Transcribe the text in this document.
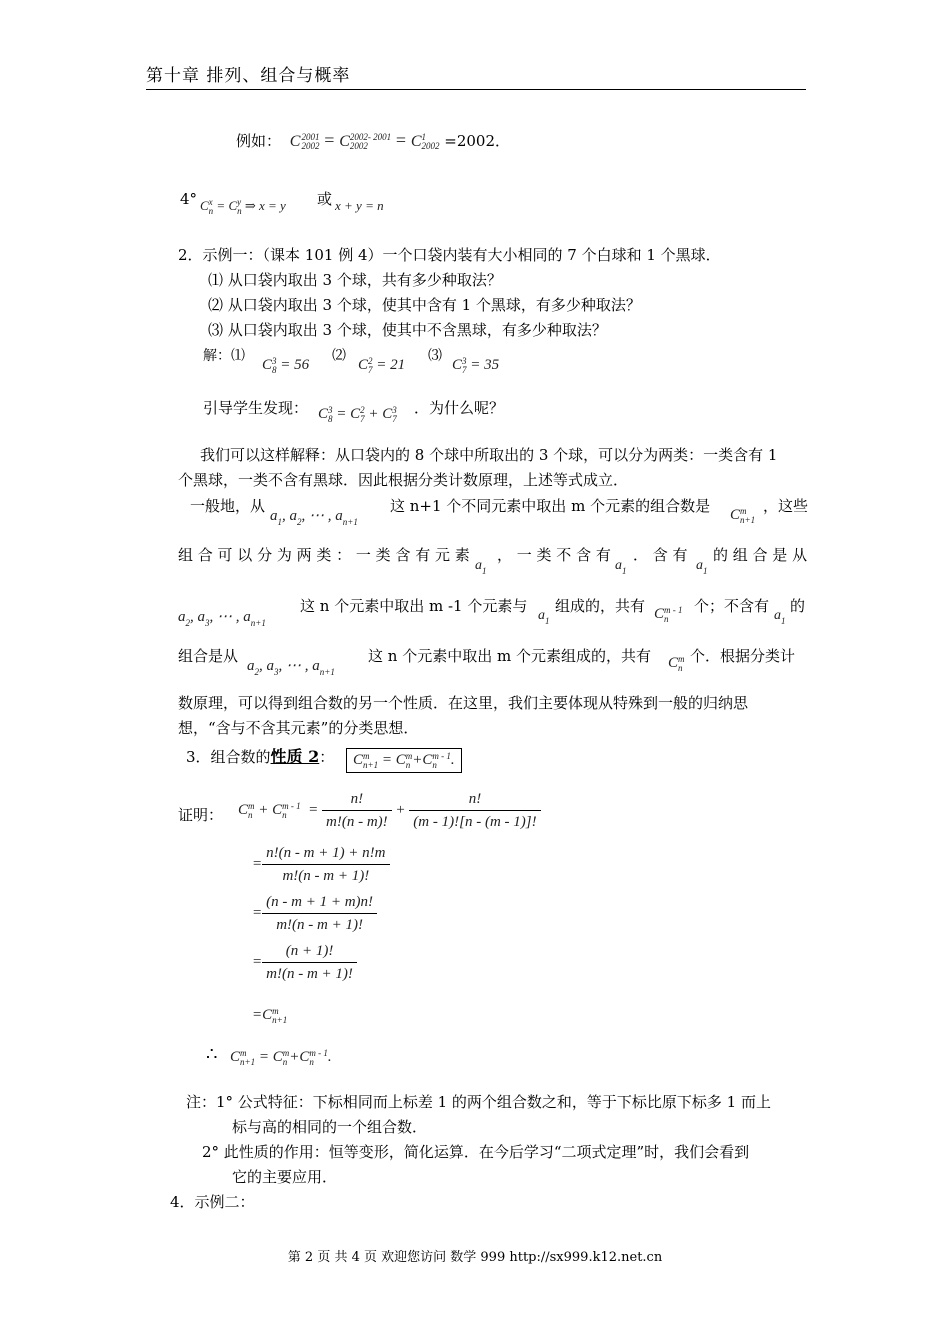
第十章 排列、组合与概率
例如：  C 2001
2002 = C 2002- 2001
2002	= C 1
2002 =2002．
4° C x
n = C y
n ⇒ x = y 或 x + y = n
2．示例一：（课本 101 例 4）一个口袋内装有大小相同的 7 个白球和 1 个黑球．
⑴ 从口袋内取出 3 个球，共有多少种取法？
⑵ 从口袋内取出 3 个球，使其中含有 1 个黑球，有多少种取法？
⑶ 从口袋内取出 3 个球，使其中不含黑球，有多少种取法？
解：⑴
C 3
8 = 56
⑵
C 2
7 = 21
⑶
C 3
7 = 35
引导学生发现： C 3
8 = C 2
7 + C 3
7
．为什么呢？
我们可以这样解释：从口袋内的 8 个球中所取出的 3 个球，可以分为两类：一类含有 1
个黑球，一类不含有黑球．因此根据分类计数原理，上述等式成立．
一般地，从
$a_1$, $a_2$, ⋯ , $a_{n+1}$
这 n+1 个不同元素中取出 m 个元素的组合数是 C m
n+1
，这些
组 合 可 以 分 为 两 类 ： 一 类 含 有 元 素
$a_1$
， 一 类 不 含 有
$a_1$
． 含 有
$a_1$
的 组 合 是 从
$a_2$, $a_3$, ⋯ , $a_{n+1}$
这 n 个元素中取出 m -1 个元素与
$a_1$
组成的，共有 C m - 1
n
个；不含有
$a_1$
的
组合是从
$a_2$, $a_3$, ⋯ , $a_{n+1}$
这 n 个元素中取出 m 个元素组成的，共有 C m
n
个．根据分类计
数原理，可以得到组合数的另一个性质．在这里，我们主要体现从特殊到一般的归纳思
想，“含与不含其元素”的分类思想．
3．组合数的性质 2：	C m
n+1 = C m
n +C m - 1
n .
证明： C m
n + C m - 1
n	= $\frac{n!}{m!(n - m)!} + \frac{n!}{(m - 1)![n - (m - 1)]!}$
= $\frac{n!(n - m + 1) + n!m}{m!(n - m + 1)!}$
= $\frac{(n - m + 1 + m)n!}{m!(n - m + 1)!}$
= $\frac{(n + 1)!}{m!(n - m + 1)!}$
=C m
n+1
∴ C m
n+1 = C m
n +C m - 1
n .
注：1° 公式特征：下标相同而上标差 1 的两个组合数之和，等于下标比原下标多 1 而上
标与高的相同的一个组合数．
2° 此性质的作用：恒等变形，简化运算．在今后学习“二项式定理”时，我们会看到
它的主要应用．
4．示例二：
第 2 页 共 4 页 欢迎您访问 数学 999 http://sx999.k12.net.cn
